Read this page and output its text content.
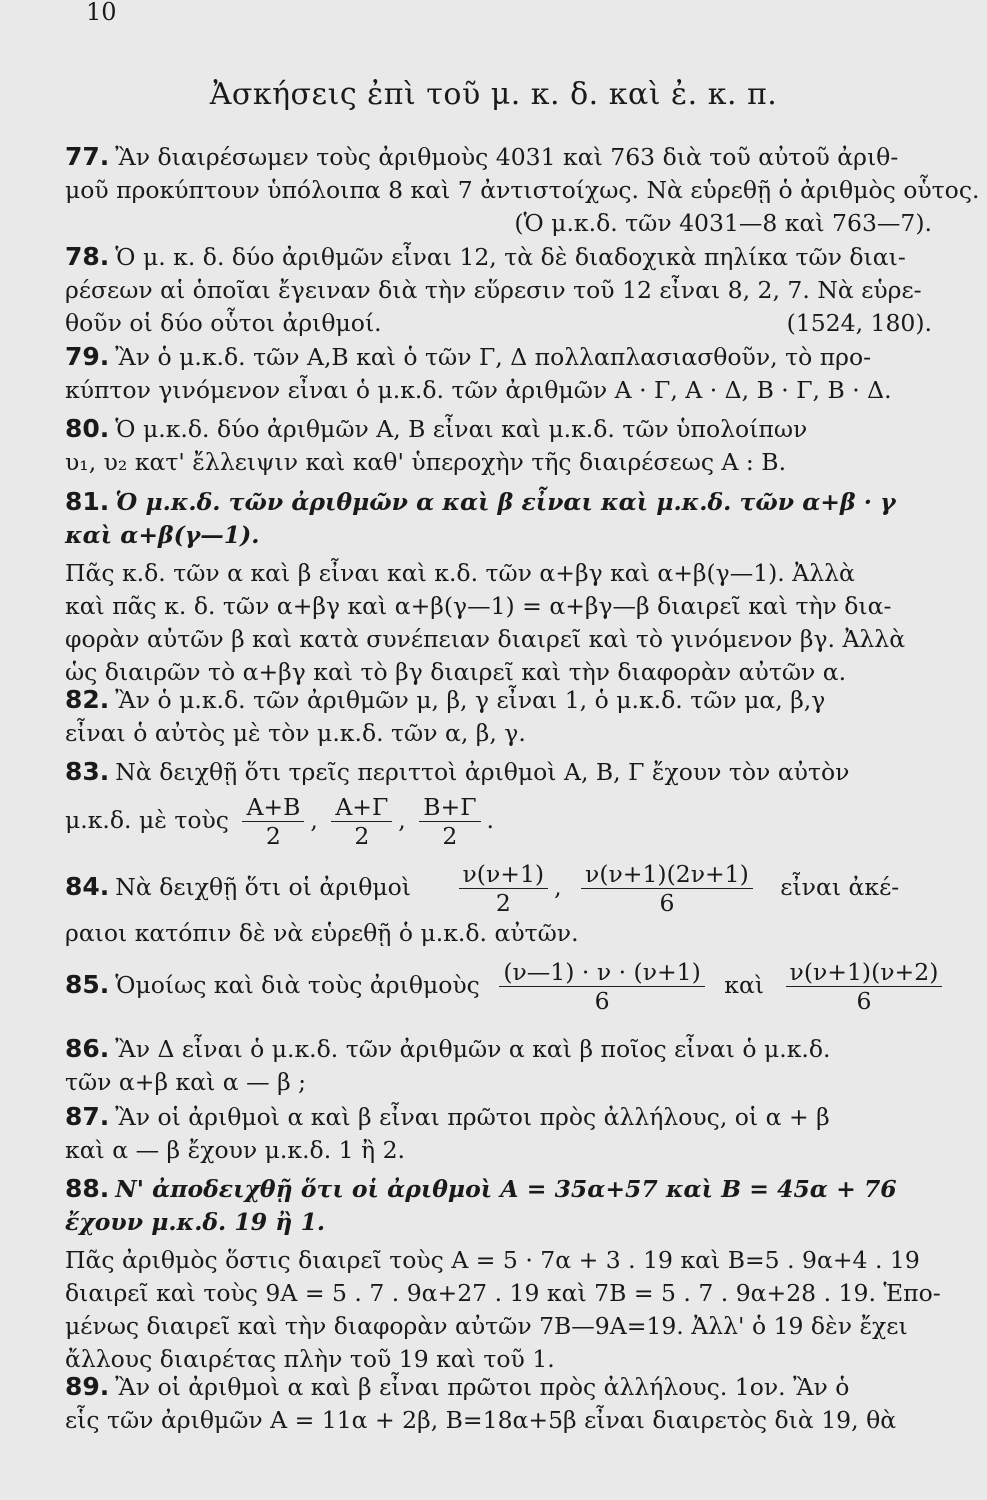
10
Ἀσκήσεις ἐπὶ τοῦ μ. κ. δ. καὶ ἐ. κ. π.
77. Ἂν διαιρέσωμεν τοὺς ἀριθμοὺς 4031 καὶ 763 διὰ τοῦ αὐτοῦ ἀριθ-
μοῦ προκύπτουν ὑπόλοιπα 8 καὶ 7 ἀντιστοίχως. Νὰ εὑρεθῇ ὁ ἀριθμὸς οὗτος.
(Ὁ μ.κ.δ. τῶν 4031—8 καὶ 763—7).
78. Ὁ μ. κ. δ. δύο ἀριθμῶν εἶναι 12, τὰ δὲ διαδοχικὰ πηλίκα τῶν διαι-
ρέσεων αἱ ὁποῖαι ἔγειναν διὰ τὴν εὕρεσιν τοῦ 12 εἶναι 8, 2, 7. Νὰ εὑρε-
θοῦν οἱ δύο οὗτοι ἀριθμοί.	(1524, 180).
79. Ἂν ὁ μ.κ.δ. τῶν Α,Β καὶ ὁ τῶν Γ, Δ πολλαπλασιασθοῦν, τὸ προ-
κύπτον γινόμενον εἶναι ὁ μ.κ.δ. τῶν ἀριθμῶν Α · Γ, Α · Δ, Β · Γ, Β · Δ.
80. Ὁ μ.κ.δ. δύο ἀριθμῶν Α, Β εἶναι καὶ μ.κ.δ. τῶν ὑπολοίπων
υ₁, υ₂ κατ' ἔλλειψιν καὶ καθ' ὑπεροχὴν τῆς διαιρέσεως Α : Β.
81. Ὁ μ.κ.δ. τῶν ἀριθμῶν α καὶ β εἶναι καὶ μ.κ.δ. τῶν α+β · γ
καὶ α+β(γ—1).
Πᾶς κ.δ. τῶν α καὶ β εἶναι καὶ κ.δ. τῶν α+βγ καὶ α+β(γ—1). Ἀλλὰ
καὶ πᾶς κ. δ. τῶν α+βγ καὶ α+β(γ—1) = α+βγ—β διαιρεῖ καὶ τὴν δια-
φορὰν αὐτῶν β καὶ κατὰ συνέπειαν διαιρεῖ καὶ τὸ γινόμενον βγ. Ἀλλὰ
ὡς διαιρῶν τὸ α+βγ καὶ τὸ βγ διαιρεῖ καὶ τὴν διαφορὰν αὐτῶν α.
82. Ἂν ὁ μ.κ.δ. τῶν ἀριθμῶν μ, β, γ εἶναι 1, ὁ μ.κ.δ. τῶν μα, β,γ
εἶναι ὁ αὐτὸς μὲ τὸν μ.κ.δ. τῶν α, β, γ.
83. Νὰ δειχθῇ ὅτι τρεῖς περιττοὶ ἀριθμοὶ Α, Β, Γ ἔχουν τὸν αὐτὸν
μ.κ.δ. μὲ τοὺς $\frac{A+B}{2}$ , $\frac{A+\Gamma}{2}$ , $\frac{B+\Gamma}{2}$ .
84. Νὰ δειχθῇ ὅτι οἱ ἀριθμοὶ $\frac{\nu(\nu+1)}{2}$ , $\frac{\nu(\nu+1)(2\nu+1)}{6}$ εἶναι ἀκέ-
ραιοι κατόπιν δὲ νὰ εὑρεθῇ ὁ μ.κ.δ. αὐτῶν.
85. Ὁμοίως καὶ διὰ τοὺς ἀριθμοὺς $\frac{(\nu—1) \cdot \nu \cdot (\nu+1)}{6}$ καὶ $\frac{\nu(\nu+1)(\nu+2)}{6}$
86. Ἂν Δ εἶναι ὁ μ.κ.δ. τῶν ἀριθμῶν α καὶ β ποῖος εἶναι ὁ μ.κ.δ.
τῶν α+β καὶ α — β ;
87. Ἂν οἱ ἀριθμοὶ α καὶ β εἶναι πρῶτοι πρὸς ἀλλήλους, οἱ α + β
καὶ α — β ἔχουν μ.κ.δ. 1 ἢ 2.
88. Ν' ἀποδειχθῇ ὅτι οἱ ἀριθμοὶ Α = 35α+57 καὶ Β = 45α + 76
ἔχουν μ.κ.δ. 19 ἢ 1.
Πᾶς ἀριθμὸς ὅστις διαιρεῖ τοὺς Α = 5 · 7α + 3 . 19 καὶ Β=5 . 9α+4 . 19
διαιρεῖ καὶ τοὺς 9Α = 5 . 7 . 9α+27 . 19 καὶ 7Β = 5 . 7 . 9α+28 . 19. Ἑπο-
μένως διαιρεῖ καὶ τὴν διαφορὰν αὐτῶν 7Β—9Α=19. Ἀλλ' ὁ 19 δὲν ἔχει
ἄλλους διαιρέτας πλὴν τοῦ 19 καὶ τοῦ 1.
89. Ἂν οἱ ἀριθμοὶ α καὶ β εἶναι πρῶτοι πρὸς ἀλλήλους. 1ον. Ἂν ὁ
εἷς τῶν ἀριθμῶν Α = 11α + 2β, Β=18α+5β εἶναι διαιρετὸς διὰ 19, θὰ
